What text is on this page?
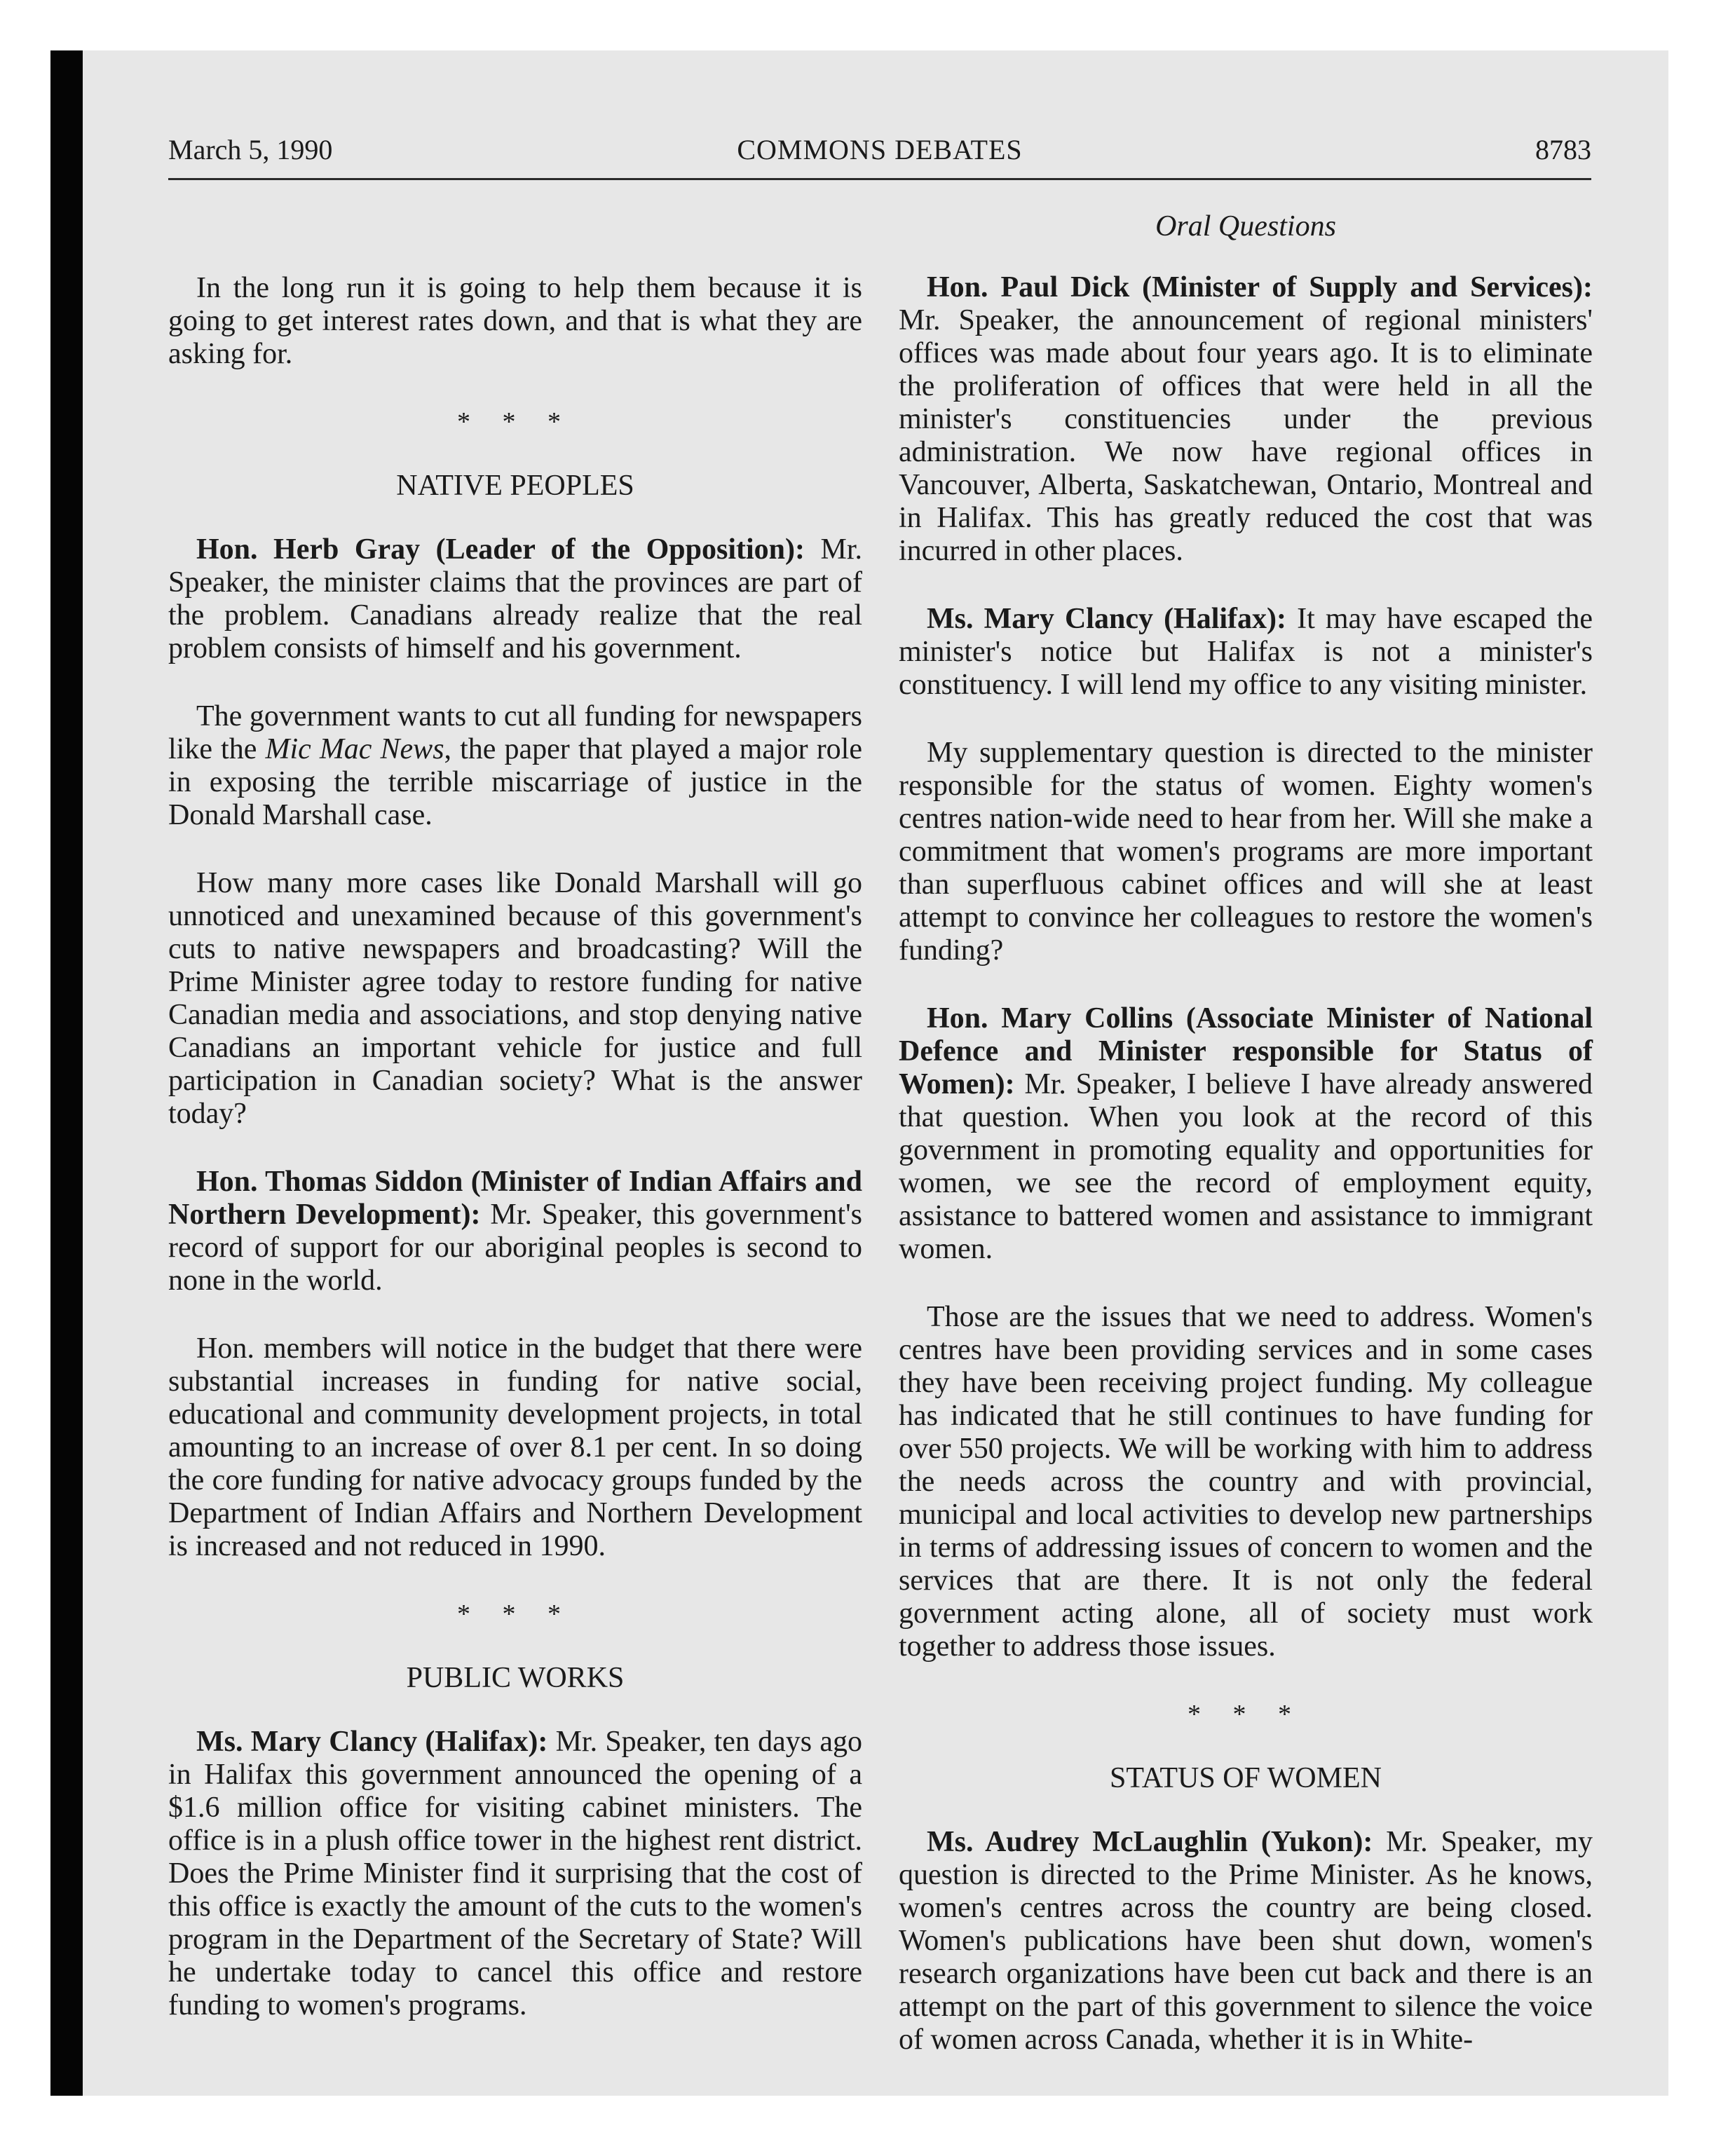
March 5, 1990	COMMONS DEBATES	8783

In the long run it is going to help them because it is going to get interest rates down, and that is what they are asking for.

* * *
NATIVE PEOPLES

Hon. Herb Gray (Leader of the Opposition): Mr. Speaker, the minister claims that the provinces are part of the problem. Canadians already realize that the real problem consists of himself and his government.

The government wants to cut all funding for newspapers like the Mic Mac News, the paper that played a major role in exposing the terrible miscarriage of justice in the Donald Marshall case.

How many more cases like Donald Marshall will go unnoticed and unexamined because of this government's cuts to native newspapers and broadcasting? Will the Prime Minister agree today to restore funding for native Canadian media and associations, and stop denying native Canadians an important vehicle for justice and full participation in Canadian society? What is the answer today?

Hon. Thomas Siddon (Minister of Indian Affairs and Northern Development): Mr. Speaker, this government's record of support for our aboriginal peoples is second to none in the world.

Hon. members will notice in the budget that there were substantial increases in funding for native social, educational and community development projects, in total amounting to an increase of over 8.1 per cent. In so doing the core funding for native advocacy groups funded by the Department of Indian Affairs and Northern Development is increased and not reduced in 1990.

* * *
PUBLIC WORKS

Ms. Mary Clancy (Halifax): Mr. Speaker, ten days ago in Halifax this government announced the opening of a $1.6 million office for visiting cabinet ministers. The office is in a plush office tower in the highest rent district. Does the Prime Minister find it surprising that the cost of this office is exactly the amount of the cuts to the women's program in the Department of the Secretary of State? Will he undertake today to cancel this office and restore funding to women's programs.

Oral Questions

Hon. Paul Dick (Minister of Supply and Services): Mr. Speaker, the announcement of regional ministers' offices was made about four years ago. It is to eliminate the proliferation of offices that were held in all the minister's constituencies under the previous administration. We now have regional offices in Vancouver, Alberta, Saskatchewan, Ontario, Montreal and in Halifax. This has greatly reduced the cost that was incurred in other places.

Ms. Mary Clancy (Halifax): It may have escaped the minister's notice but Halifax is not a minister's constituency. I will lend my office to any visiting minister.

My supplementary question is directed to the minister responsible for the status of women. Eighty women's centres nation-wide need to hear from her. Will she make a commitment that women's programs are more important than superfluous cabinet offices and will she at least attempt to convince her colleagues to restore the women's funding?

Hon. Mary Collins (Associate Minister of National Defence and Minister responsible for Status of Women): Mr. Speaker, I believe I have already answered that question. When you look at the record of this government in promoting equality and opportunities for women, we see the record of employment equity, assistance to battered women and assistance to immigrant women.

Those are the issues that we need to address. Women's centres have been providing services and in some cases they have been receiving project funding. My colleague has indicated that he still continues to have funding for over 550 projects. We will be working with him to address the needs across the country and with provincial, municipal and local activities to develop new partnerships in terms of addressing issues of concern to women and the services that are there. It is not only the federal government acting alone, all of society must work together to address those issues.

* * *
STATUS OF WOMEN

Ms. Audrey McLaughlin (Yukon): Mr. Speaker, my question is directed to the Prime Minister. As he knows, women's centres across the country are being closed. Women's publications have been shut down, women's research organizations have been cut back and there is an attempt on the part of this government to silence the voice of women across Canada, whether it is in White-
